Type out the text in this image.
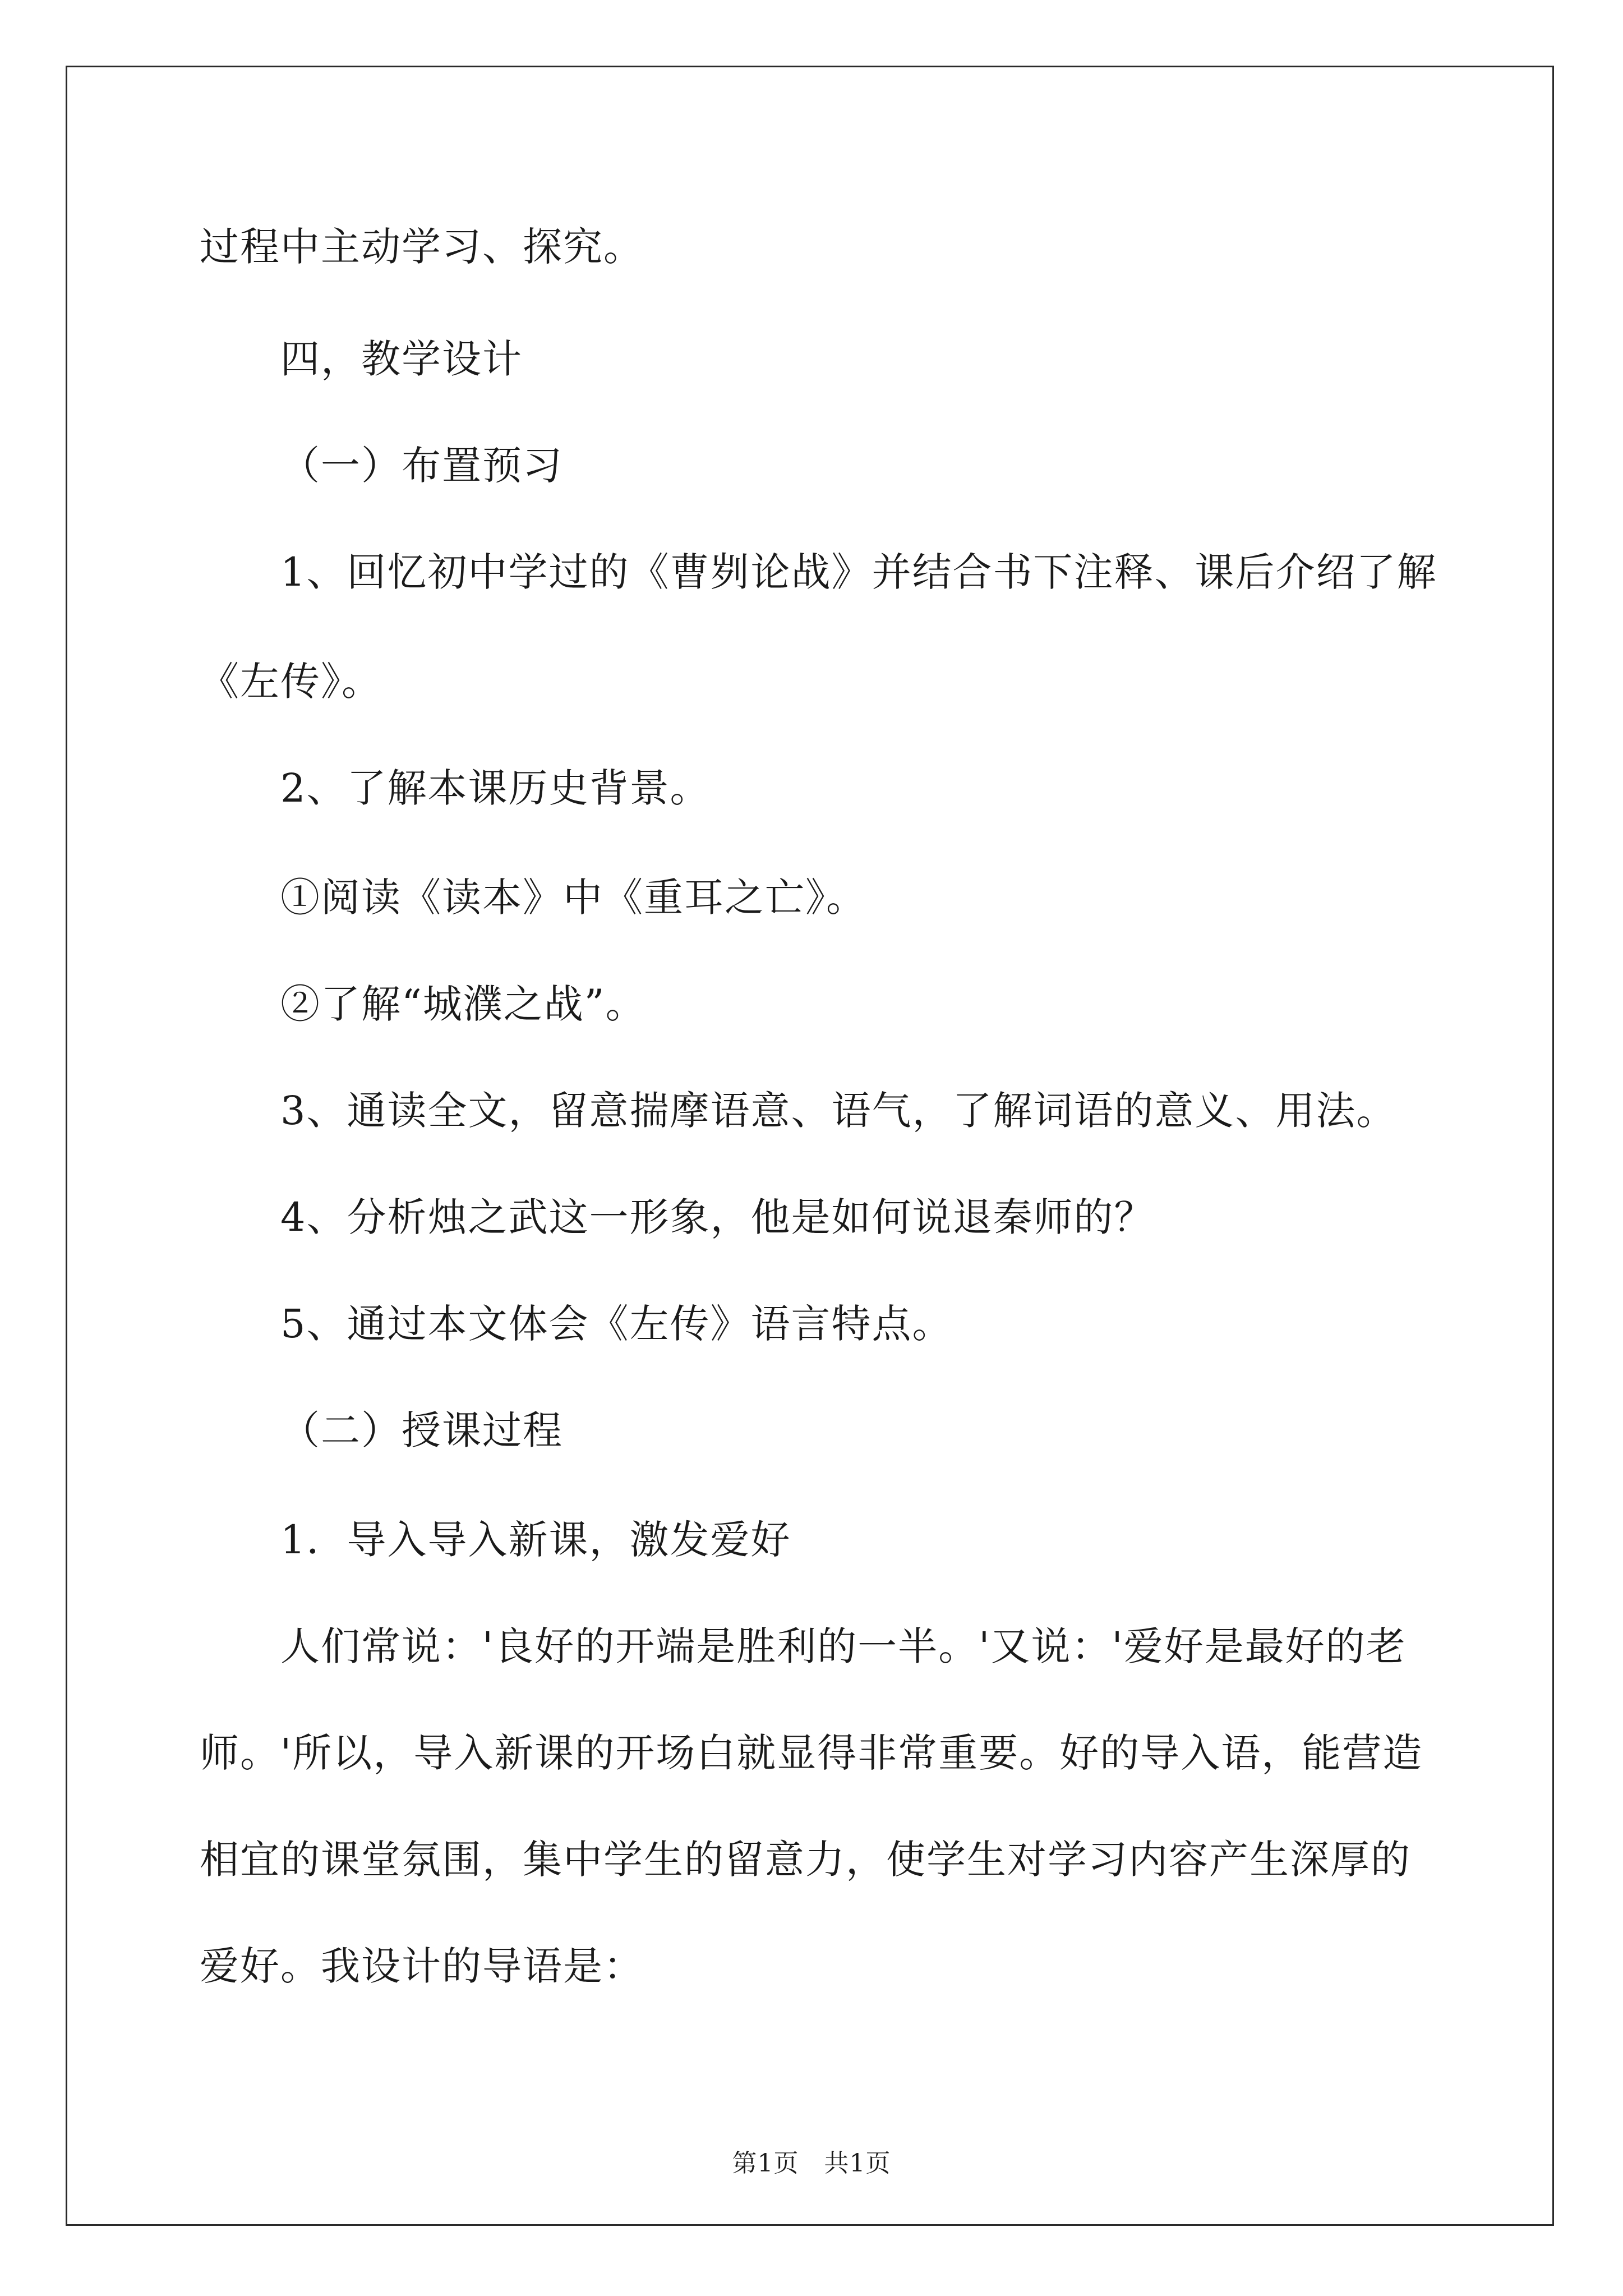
过程中主动学习、探究。
四，教学设计
（一）布置预习
1、回忆初中学过的《曹刿论战》并结合书下注释、课后介绍了解
《左传》。
2、了解本课历史背景。
①阅读《读本》中《重耳之亡》。
②了解“城濮之战”。
3、通读全文，留意揣摩语意、语气，了解词语的意义、用法。
4、分析烛之武这一形象，他是如何说退秦师的？
5、通过本文体会《左传》语言特点。
（二）授课过程
1．导入导入新课，激发爱好
人们常说：'良好的开端是胜利的一半。'又说：'爱好是最好的老
师。'所以，导入新课的开场白就显得非常重要。好的导入语，能营造
相宜的课堂氛围，集中学生的留意力，使学生对学习内容产生深厚的
爱好。我设计的导语是：
第1页　共1页
